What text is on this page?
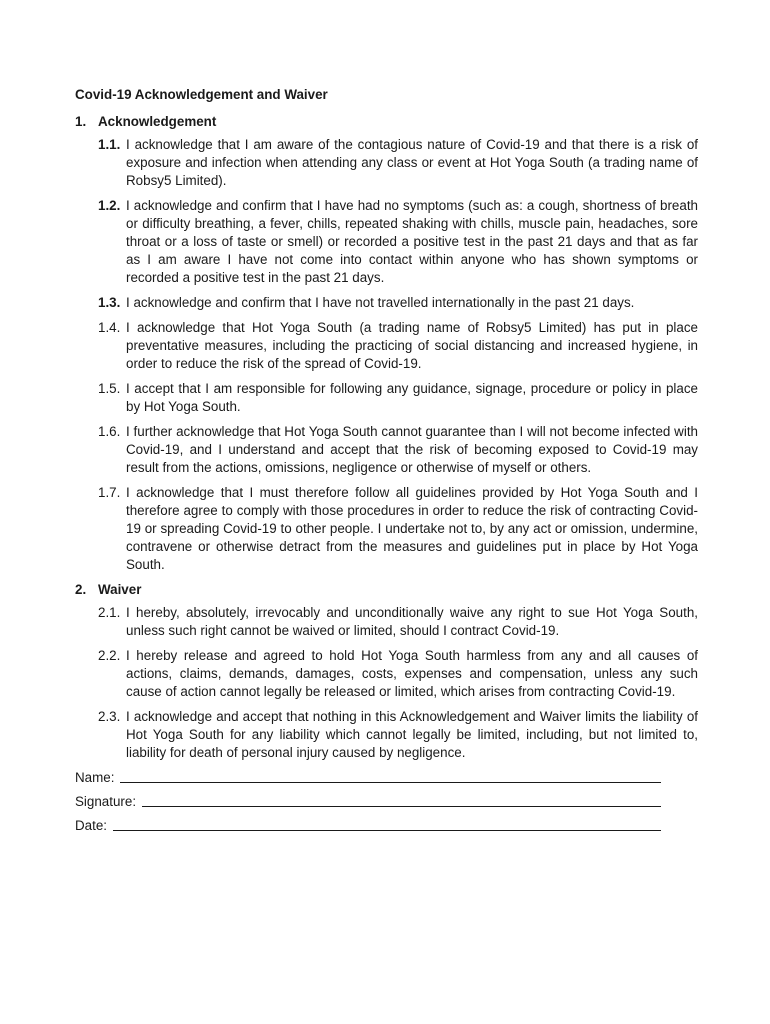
Covid-19 Acknowledgement and Waiver
1. Acknowledgement
1.1. I acknowledge that I am aware of the contagious nature of Covid-19 and that there is a risk of exposure and infection when attending any class or event at Hot Yoga South (a trading name of Robsy5 Limited).
1.2. I acknowledge and confirm that I have had no symptoms (such as: a cough, shortness of breath or difficulty breathing, a fever, chills, repeated shaking with chills, muscle pain, headaches, sore throat or a loss of taste or smell) or recorded a positive test in the past 21 days and that as far as I am aware I have not come into contact within anyone who has shown symptoms or recorded a positive test in the past 21 days.
1.3. I acknowledge and confirm that I have not travelled internationally in the past 21 days.
1.4. I acknowledge that Hot Yoga South (a trading name of Robsy5 Limited) has put in place preventative measures, including the practicing of social distancing and increased hygiene, in order to reduce the risk of the spread of Covid-19.
1.5. I accept that I am responsible for following any guidance, signage, procedure or policy in place by Hot Yoga South.
1.6. I further acknowledge that Hot Yoga South cannot guarantee than I will not become infected with Covid-19, and I understand and accept that the risk of becoming exposed to Covid-19 may result from the actions, omissions, negligence or otherwise of myself or others.
1.7. I acknowledge that I must therefore follow all guidelines provided by Hot Yoga South and I therefore agree to comply with those procedures in order to reduce the risk of contracting Covid-19 or spreading Covid-19 to other people. I undertake not to, by any act or omission, undermine, contravene or otherwise detract from the measures and guidelines put in place by Hot Yoga South.
2. Waiver
2.1. I hereby, absolutely, irrevocably and unconditionally waive any right to sue Hot Yoga South, unless such right cannot be waived or limited, should I contract Covid-19.
2.2. I hereby release and agreed to hold Hot Yoga South harmless from any and all causes of actions, claims, demands, damages, costs, expenses and compensation, unless any such cause of action cannot legally be released or limited, which arises from contracting Covid-19.
2.3. I acknowledge and accept that nothing in this Acknowledgement and Waiver limits the liability of Hot Yoga South for any liability which cannot legally be limited, including, but not limited to, liability for death of personal injury caused by negligence.
Name:
Signature:
Date:
